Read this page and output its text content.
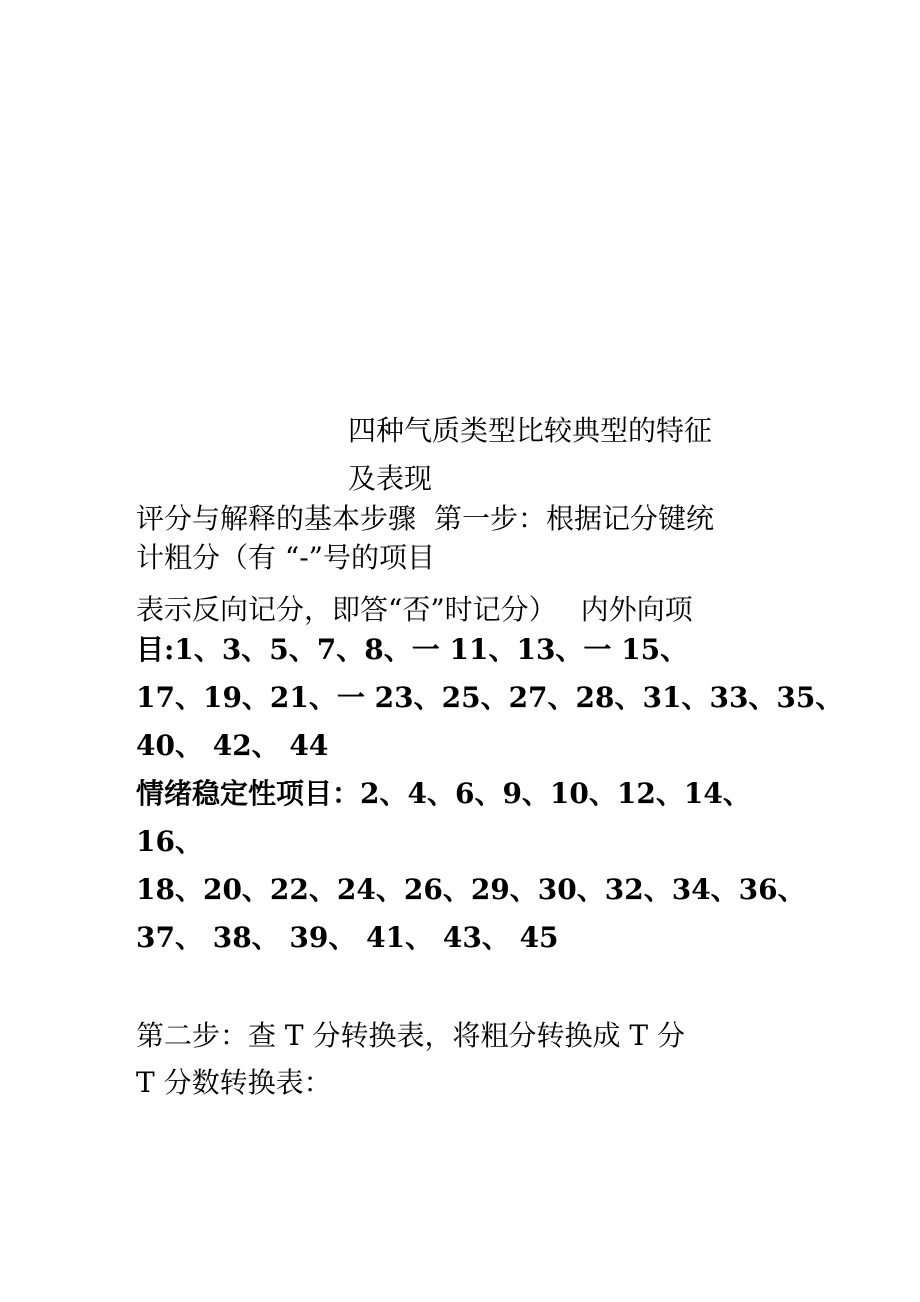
四种气质类型比较典型的特征
及表现
评分与解释的基本步骤 第一步：根据记分键统
计粗分（有 “-”号的项目
表示反向记分，即答“否”时记分） 内外向项
目:1、3、5、7、8、一 11、13、一 15、
17、19、21、一 23、25、27、28、31、33、35、
40、 42、 44
情绪稳定性项目：2、4、6、9、10、12、14、
16、
18、20、22、24、26、29、30、32、34、36、
37、 38、 39、 41、 43、 45
第二步：查 T 分转换表，将粗分转换成 T 分
T 分数转换表：
